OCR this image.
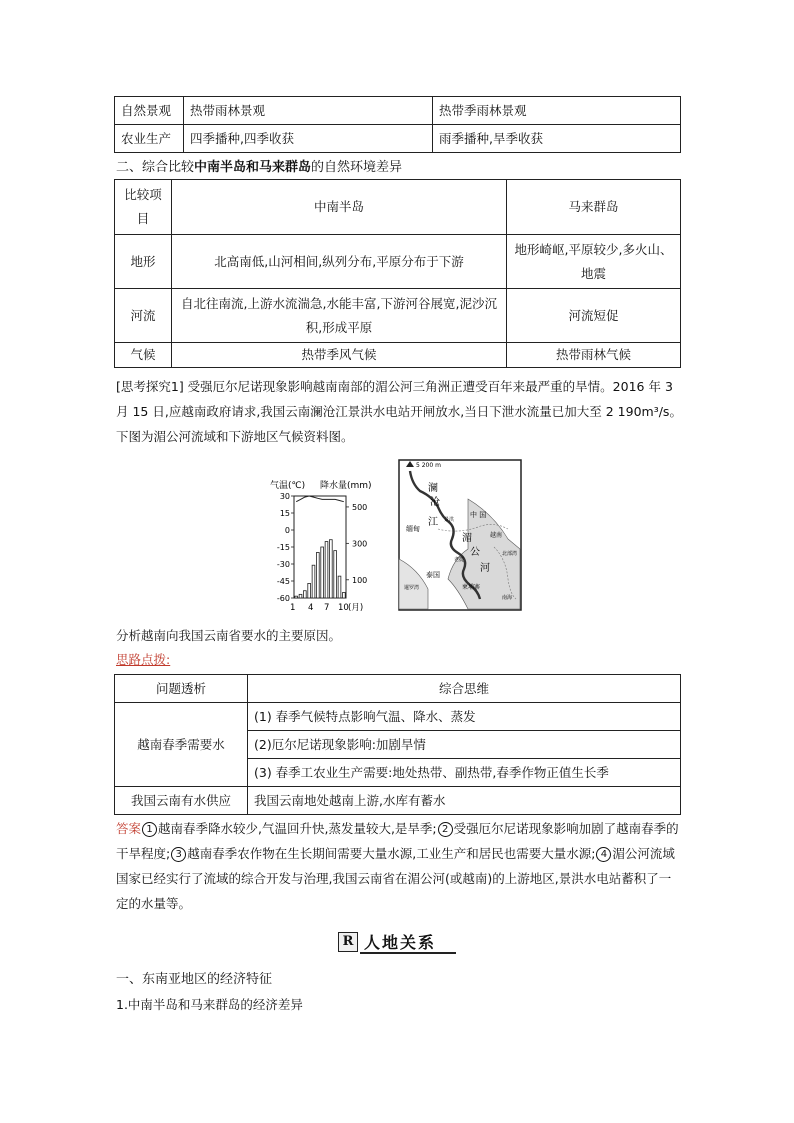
自然景观	热带雨林景观	热带季雨林景观
农业生产	四季播种,四季收获	雨季播种,旱季收获
二、综合比较中南半岛和马来群岛的自然环境差异
比较项目	中南半岛	马来群岛
地形	北高南低,山河相间,纵列分布,平原分布于下游	地形崎岖,平原较少,多火山、地震
河流	自北往南流,上游水流湍急,水能丰富,下游河谷展宽,泥沙沉积,形成平原	河流短促
气候	热带季风气候	热带雨林气候
[思考探究1] 受强厄尔尼诺现象影响越南南部的湄公河三角洲正遭受百年来最严重的旱情。2016 年 3 月 15 日,应越南政府请求,我国云南澜沧江景洪水电站开闸放水,当日下泄水流量已加大至 2 190m³/s。下图为湄公河流域和下游地区气候资料图。
气温(℃) 降水量(mm)
30
15
0
-15
-30
-45
-60
500
300
100
1 4 7 10 (月)
5 200 m
澜
沧
江
湄
公
河
中 国
缅甸
越南
泰国
柬埔寨
北部湾
南海
暹罗湾
景洪
老挝
分析越南向我国云南省要水的主要原因。
思路点拨:
问题透析	综合思维
越南春季需要水	(1) 春季气候特点影响气温、降水、蒸发
	(2)厄尔尼诺现象影响:加剧旱情
	(3) 春季工农业生产需要:地处热带、副热带,春季作物正值生长季
我国云南有水供应	我国云南地处越南上游,水库有蓄水
答案 1 越南春季降水较少,气温回升快,蒸发量较大,是旱季; 2 受强厄尔尼诺现象影响加剧了越南春季的干旱程度; 3 越南春季农作物在生长期间需要大量水源,工业生产和居民也需要大量水源; 4 湄公河流域国家已经实行了流域的综合开发与治理,我国云南省在湄公河(或越南)的上游地区,景洪水电站蓄积了一定的水量等。
R 人地关系
一、东南亚地区的经济特征
1.中南半岛和马来群岛的经济差异
